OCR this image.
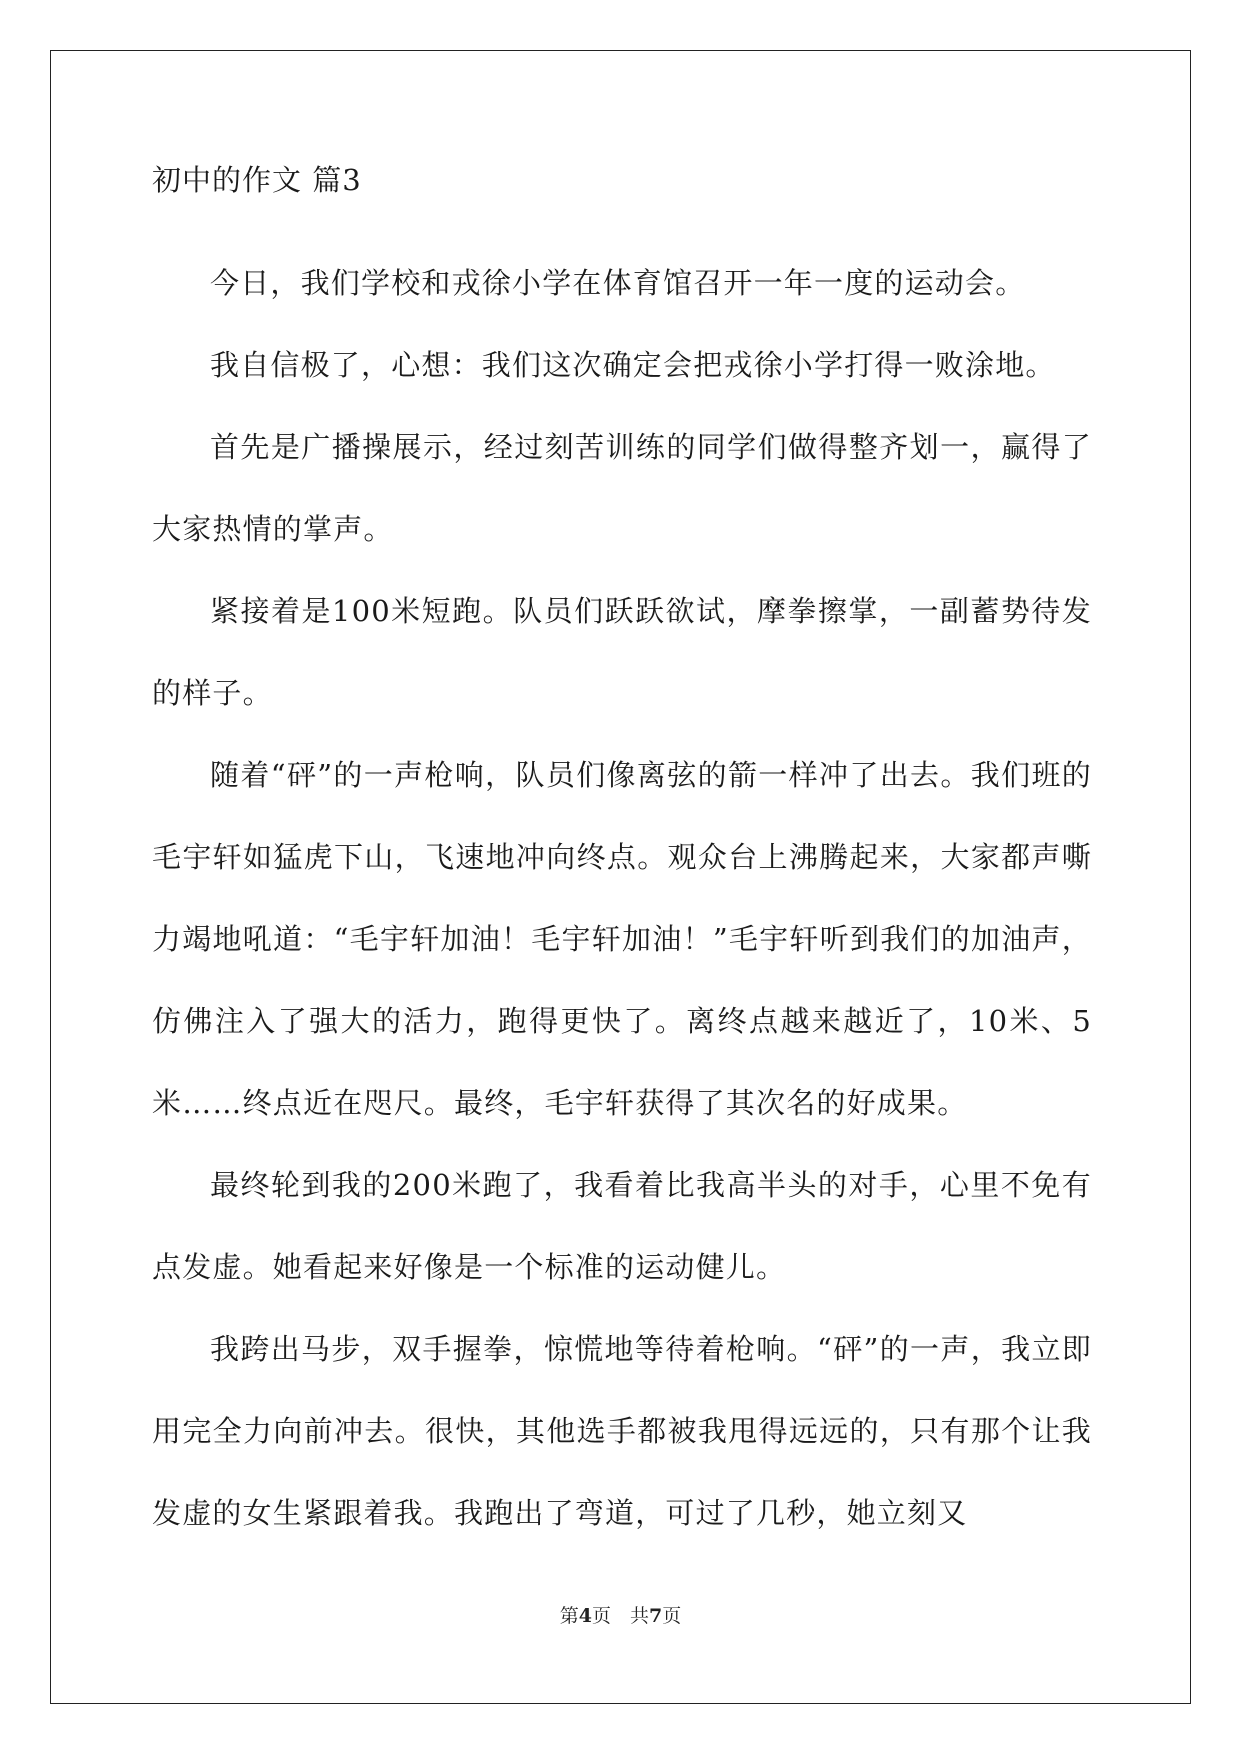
初中的作文 篇3

今日，我们学校和戎徐小学在体育馆召开一年一度的运动会。

我自信极了，心想：我们这次确定会把戎徐小学打得一败涂地。

首先是广播操展示，经过刻苦训练的同学们做得整齐划一，赢得了大家热情的掌声。

紧接着是100米短跑。队员们跃跃欲试，摩拳擦掌，一副蓄势待发的样子。

随着“砰”的一声枪响，队员们像离弦的箭一样冲了出去。我们班的毛宇轩如猛虎下山，飞速地冲向终点。观众台上沸腾起来，大家都声嘶力竭地吼道：“毛宇轩加油！毛宇轩加油！”毛宇轩听到我们的加油声，仿佛注入了强大的活力，跑得更快了。离终点越来越近了，10米、5米……终点近在咫尺。最终，毛宇轩获得了其次名的好成果。

最终轮到我的200米跑了，我看着比我高半头的对手，心里不免有点发虚。她看起来好像是一个标准的运动健儿。

我跨出马步，双手握拳，惊慌地等待着枪响。“砰”的一声，我立即用完全力向前冲去。很快，其他选手都被我甩得远远的，只有那个让我发虚的女生紧跟着我。我跑出了弯道，可过了几秒，她立刻又

第4页　共7页
